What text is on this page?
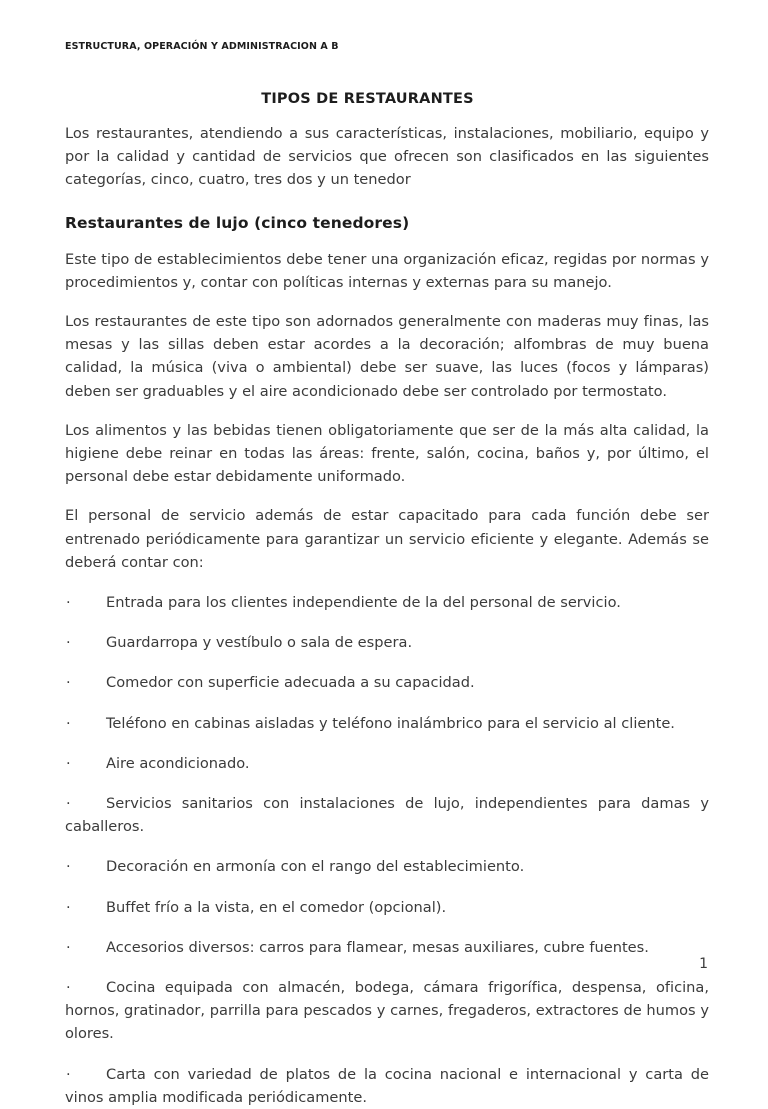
ESTRUCTURA, OPERACIÓN Y ADMINISTRACION A B
TIPOS DE RESTAURANTES

Los restaurantes, atendiendo a sus características, instalaciones, mobiliario, equipo y por la calidad y cantidad de servicios que ofrecen son clasificados en las siguientes categorías, cinco, cuatro, tres dos y un tenedor

Restaurantes de lujo (cinco tenedores)

Este tipo de establecimientos debe tener una organización eficaz, regidas por normas y procedimientos y, contar con políticas internas y externas para su manejo.

Los restaurantes de este tipo son adornados generalmente con maderas muy finas, las mesas y las sillas deben estar acordes a la decoración; alfombras de muy buena calidad, la música (viva o ambiental) debe ser suave, las luces (focos y lámparas) deben ser graduables y el aire acondicionado debe ser controlado por termostato.

Los alimentos y las bebidas tienen obligatoriamente que ser de la más alta calidad, la higiene debe reinar en todas las áreas: frente, salón, cocina, baños y, por último, el personal debe estar debidamente uniformado.

El personal de servicio además de estar capacitado para cada función debe ser entrenado periódicamente para garantizar un servicio eficiente y elegante. Además se deberá contar con:

·	Entrada para los clientes independiente de la del personal de servicio.
·	Guardarropa y vestíbulo o sala de espera.
·	Comedor con superficie adecuada a su capacidad.
·	Teléfono en cabinas aisladas y teléfono inalámbrico para el servicio al cliente.
·	Aire acondicionado.
·	Servicios sanitarios con instalaciones de lujo, independientes para damas y caballeros.
·	Decoración en armonía con el rango del establecimiento.
·	Buffet frío a la vista, en el comedor (opcional).
·	Accesorios diversos: carros para flamear, mesas auxiliares, cubre fuentes.
·	Cocina equipada con almacén, bodega, cámara frigorífica, despensa, oficina, hornos, gratinador, parrilla para pescados y carnes, fregaderos, extractores de humos y olores.
·	Carta con variedad de platos de la cocina nacional e internacional y carta de vinos amplia modificada periódicamente.
1
